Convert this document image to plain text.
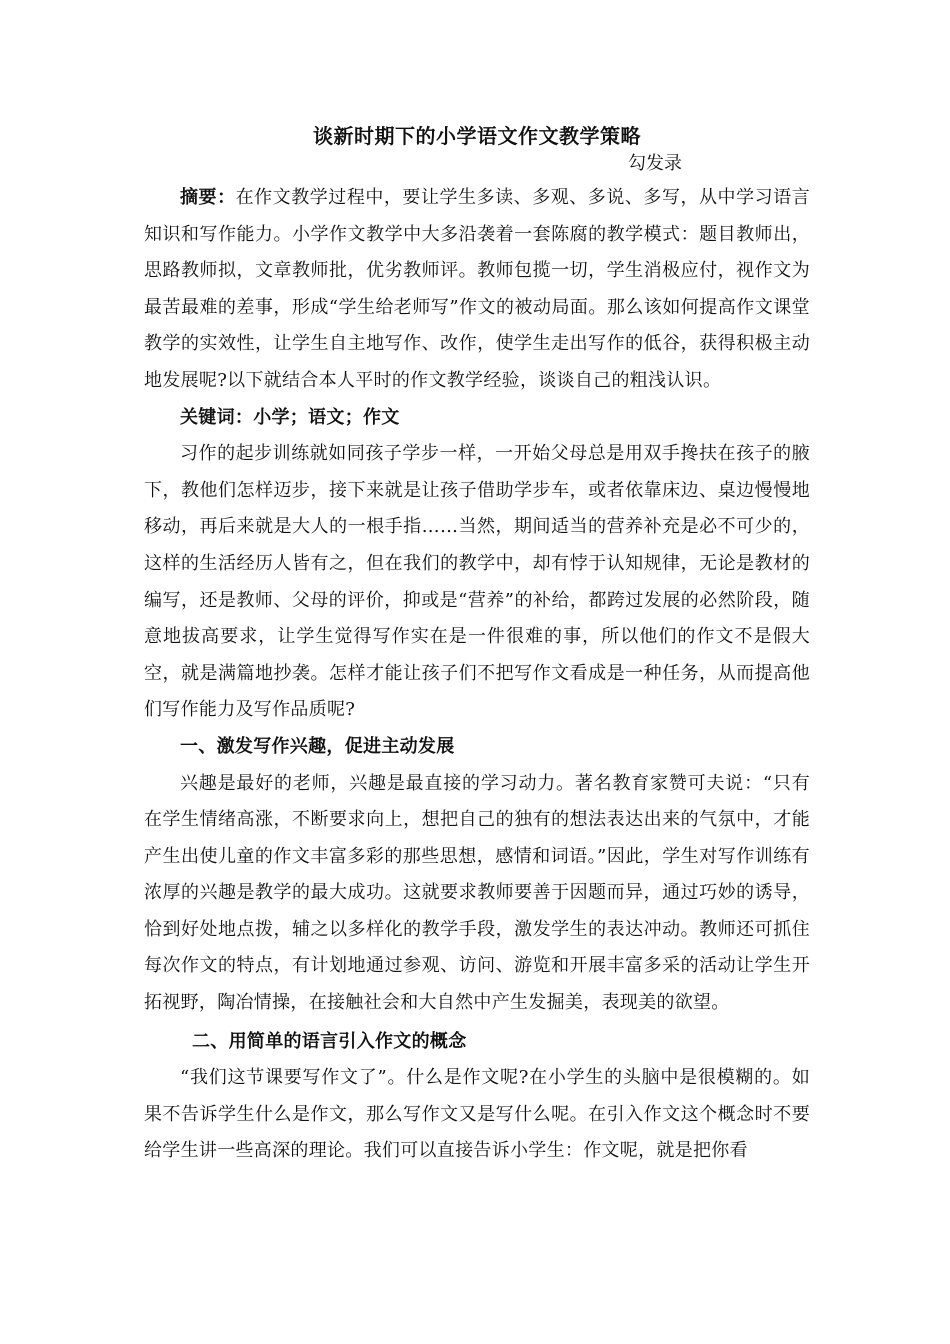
谈新时期下的小学语文作文教学策略
勾发录

摘要：在作文教学过程中，要让学生多读、多观、多说、多写，从中学习语言知识和写作能力。小学作文教学中大多沿袭着一套陈腐的教学模式：题目教师出，思路教师拟，文章教师批，优劣教师评。教师包揽一切，学生消极应付，视作文为最苦最难的差事，形成“学生给老师写”作文的被动局面。那么该如何提高作文课堂教学的实效性，让学生自主地写作、改作，使学生走出写作的低谷，获得积极主动地发展呢?以下就结合本人平时的作文教学经验，谈谈自己的粗浅认识。

关键词：小学；语文；作文

习作的起步训练就如同孩子学步一样，一开始父母总是用双手搀扶在孩子的腋下，教他们怎样迈步，接下来就是让孩子借助学步车，或者依靠床边、桌边慢慢地移动，再后来就是大人的一根手指……当然，期间适当的营养补充是必不可少的，这样的生活经历人皆有之，但在我们的教学中，却有悖于认知规律，无论是教材的编写，还是教师、父母的评价，抑或是“营养”的补给，都跨过发展的必然阶段，随意地拔高要求，让学生觉得写作实在是一件很难的事，所以他们的作文不是假大空，就是满篇地抄袭。怎样才能让孩子们不把写作文看成是一种任务，从而提高他们写作能力及写作品质呢?

一、激发写作兴趣，促进主动发展

兴趣是最好的老师，兴趣是最直接的学习动力。著名教育家赞可夫说：“只有在学生情绪高涨，不断要求向上，想把自己的独有的想法表达出来的气氛中，才能产生出使儿童的作文丰富多彩的那些思想，感情和词语。”因此，学生对写作训练有浓厚的兴趣是教学的最大成功。这就要求教师要善于因题而异，通过巧妙的诱导，恰到好处地点拨，辅之以多样化的教学手段，激发学生的表达冲动。教师还可抓住每次作文的特点，有计划地通过参观、访问、游览和开展丰富多采的活动让学生开拓视野，陶冶情操，在接触社会和大自然中产生发掘美，表现美的欲望。

二、用简单的语言引入作文的概念

“我们这节课要写作文了”。什么是作文呢?在小学生的头脑中是很模糊的。如果不告诉学生什么是作文，那么写作文又是写什么呢。在引入作文这个概念时不要给学生讲一些高深的理论。我们可以直接告诉小学生：作文呢，就是把你看
